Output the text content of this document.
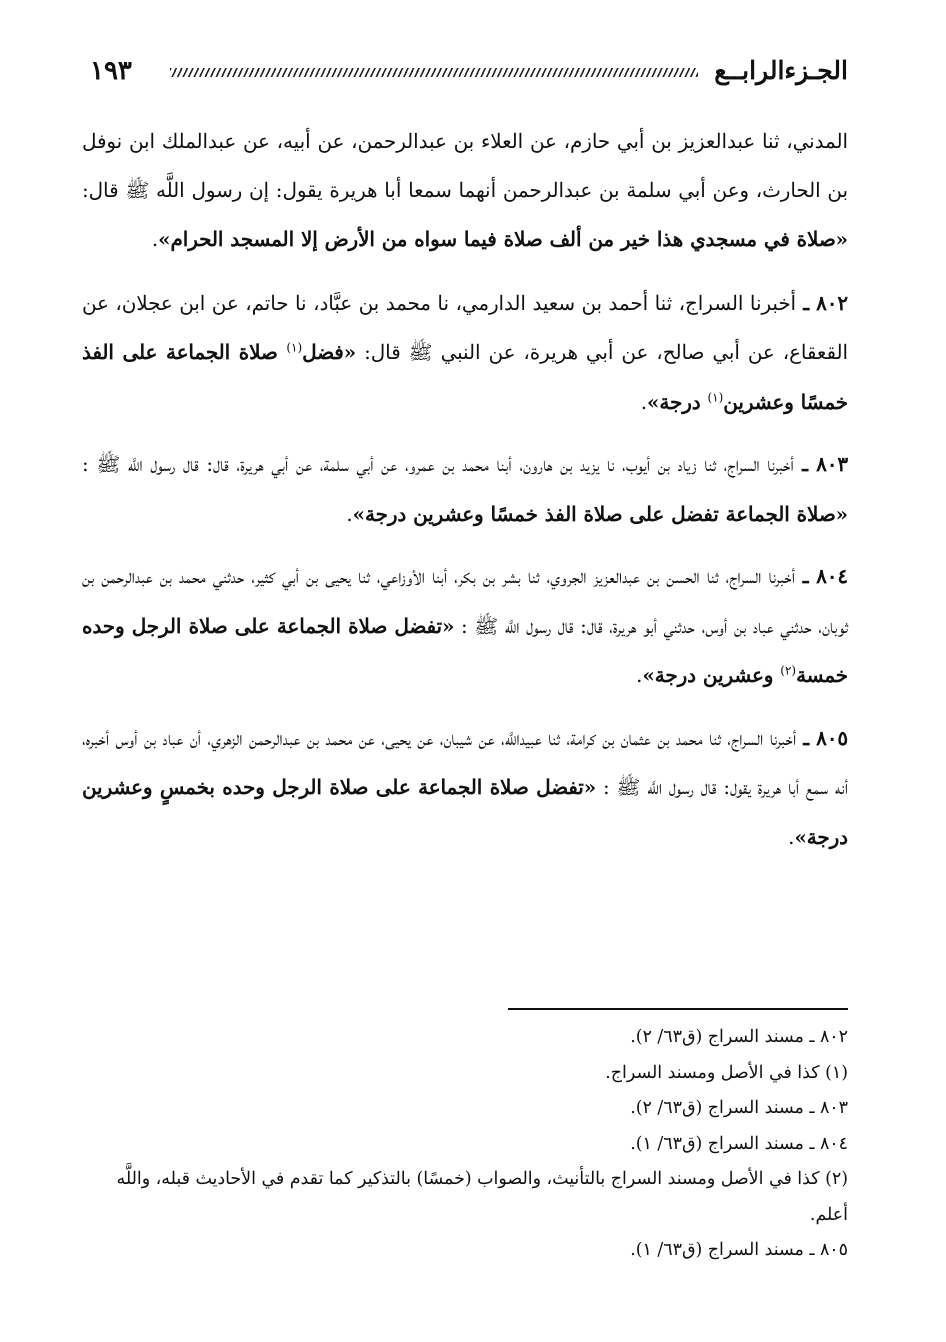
الجـزءالرابــع
١٩٣

المدني، ثنا عبدالعزيز بن أبي حازم، عن العلاء بن عبدالرحمن، عن أبيه، عن عبدالملك ابن نوفل بن الحارث، وعن أبي سلمة بن عبدالرحمن أنهما سمعا أبا هريرة يقول: إن رسول اللَّه ﷺ قال: «صلاة في مسجدي هذا خير من ألف صلاة فيما سواه من الأرض إلا المسجد الحرام».

٨٠٢ ـ أخبرنا السراج، ثنا أحمد بن سعيد الدارمي، نا محمد بن عبَّاد، نا حاتم، عن ابن عجلان، عن القعقاع، عن أبي صالح، عن أبي هريرة، عن النبي ﷺ قال: «فضل$^{(١)}$ صلاة الجماعة على الفذ خمسًا وعشرين$^{(١)}$ درجة».

٨٠٣ ـ أخبرنا السراج، ثنا زياد بن أيوب، نا يزيد بن هارون، أبنا محمد بن عمرو، عن أبي سلمة، عن أبي هريرة، قال: قال رسول اللَّه ﷺ : «صلاة الجماعة تفضل على صلاة الفذ خمسًا وعشرين درجة».

٨٠٤ ـ أخبرنا السراج، ثنا الحسن بن عبدالعزيز الجروي، ثنا بشر بن بكر، أبنا الأوزاعي، ثنا يحيى بن أبي كثير، حدثني محمد بن عبدالرحمن بن ثوبان، حدثني عباد بن أوس، حدثني أبو هريرة، قال: قال رسول اللَّه ﷺ : «تفضل صلاة الجماعة على صلاة الرجل وحده خمسة$^{(٢)}$ وعشرين درجة».

٨٠٥ ـ أخبرنا السراج، ثنا محمد بن عثمان بن كرامة، ثنا عبيداللَّه، عن شيبان، عن يحيى، عن محمد بن عبدالرحمن الزهري، أن عباد بن أوس أخبره، أنه سمع أبا هريرة يقول: قال رسول اللَّه ﷺ : «تفضل صلاة الجماعة على صلاة الرجل وحده بخمسٍ وعشرين درجة».

٨٠٢ ـ مسند السراج (ق٦٣/ ٢).
(١) كذا في الأصل ومسند السراج.
٨٠٣ ـ مسند السراج (ق٦٣/ ٢).
٨٠٤ ـ مسند السراج (ق٦٣/ ١).
(٢) كذا في الأصل ومسند السراج بالتأنيث، والصواب (خمسًا) بالتذكير كما تقدم في الأحاديث قبله، واللَّه أعلم.
٨٠٥ ـ مسند السراج (ق٦٣/ ١).
